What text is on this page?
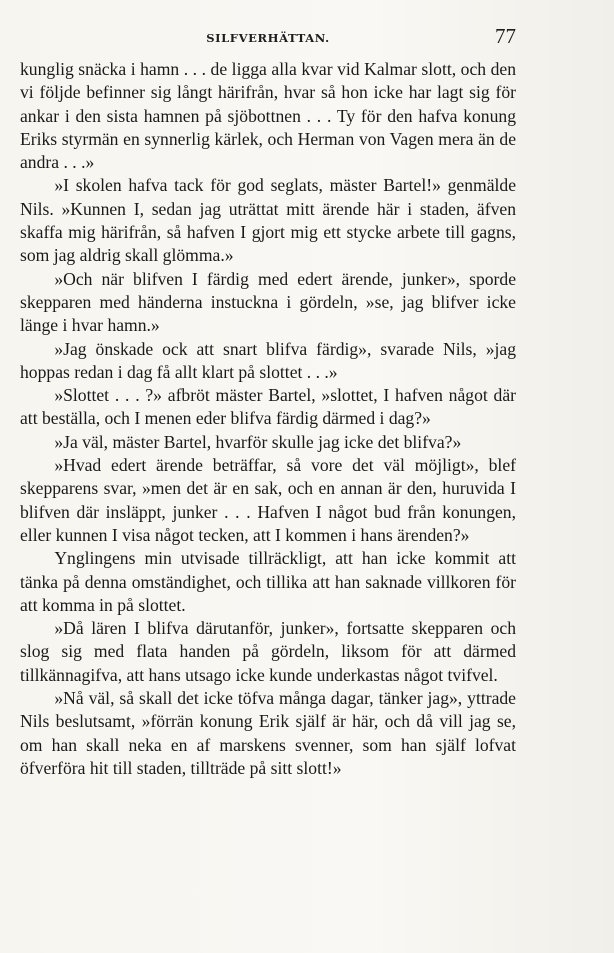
SILFVERHÄTTAN.	77

kunglig snäcka i hamn . . . de ligga alla kvar vid Kalmar slott, och den vi följde befinner sig långt härifrån, hvar så hon icke har lagt sig för ankar i den sista hamnen på sjöbottnen . . . Ty för den hafva konung Eriks styrmän en synnerlig kärlek, och Herman von Vagen mera än de andra . . .»

»I skolen hafva tack för god seglats, mäster Bartel!» genmälde Nils. »Kunnen I, sedan jag uträttat mitt ärende här i staden, äfven skaffa mig härifrån, så hafven I gjort mig ett stycke arbete till gagns, som jag aldrig skall glömma.»

»Och när blifven I färdig med edert ärende, junker», sporde skepparen med händerna instuckna i gördeln, »se, jag blifver icke länge i hvar hamn.»

»Jag önskade ock att snart blifva färdig», svarade Nils, »jag hoppas redan i dag få allt klart på slottet . . .»

»Slottet . . . ?» afbröt mäster Bartel, »slottet, I hafven något där att beställa, och I menen eder blifva färdig därmed i dag?»

»Ja väl, mäster Bartel, hvarför skulle jag icke det blifva?»

»Hvad edert ärende beträffar, så vore det väl möjligt», blef skepparens svar, »men det är en sak, och en annan är den, huruvida I blifven där insläppt, junker . . . Hafven I något bud från konungen, eller kunnen I visa något tecken, att I kommen i hans ärenden?»

Ynglingens min utvisade tillräckligt, att han icke kommit att tänka på denna omständighet, och tillika att han saknade villkoren för att komma in på slottet.

»Då lären I blifva därutanför, junker», fortsatte skepparen och slog sig med flata handen på gördeln, liksom för att därmed tillkännagifva, att hans utsago icke kunde underkastas något tvifvel.

»Nå väl, så skall det icke töfva många dagar, tänker jag», yttrade Nils beslutsamt, »förrän konung Erik själf är här, och då vill jag se, om han skall neka en af marskens svenner, som han själf lofvat öfverföra hit till staden, tillträde på sitt slott!»
